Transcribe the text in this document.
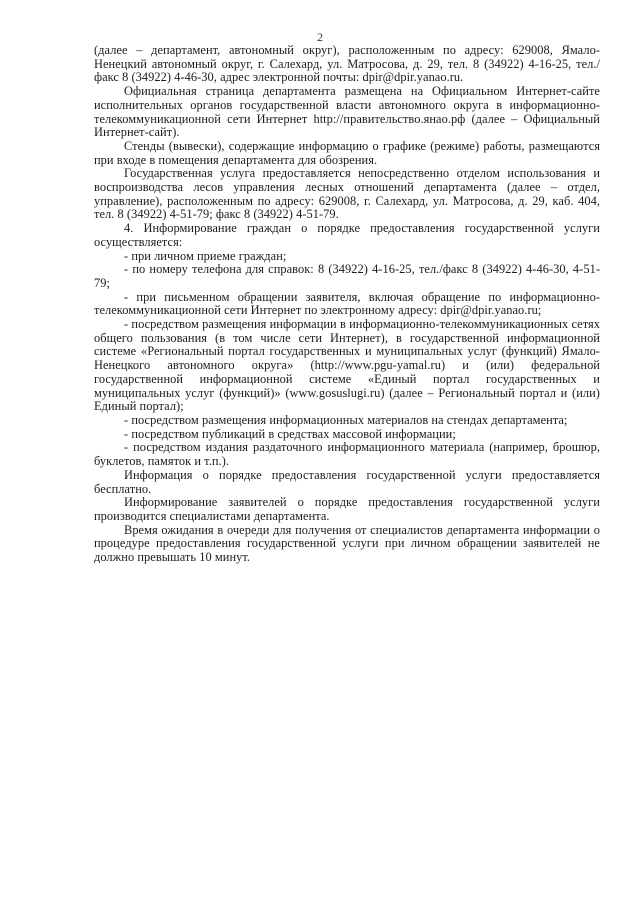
2

(далее – департамент, автономный округ), расположенным по адресу: 629008, Ямало-Ненецкий автономный округ, г. Салехард, ул. Матросова, д. 29, тел. 8 (34922) 4-16-25, тел./факс 8 (34922) 4-46-30, адрес электронной почты: dpir@dpir.yanao.ru.

Официальная страница департамента размещена на Официальном Интернет-сайте исполнительных органов государственной власти автономного округа в информационно-телекоммуникационной сети Интернет http://правительство.янао.рф (далее – Официальный Интернет-сайт).

Стенды (вывески), содержащие информацию о графике (режиме) работы, размещаются при входе в помещения департамента для обозрения.

Государственная услуга предоставляется непосредственно отделом использования и воспроизводства лесов управления лесных отношений департамента (далее – отдел, управление), расположенным по адресу: 629008, г. Салехард, ул. Матросова, д. 29, каб. 404, тел. 8 (34922) 4-51-79; факс 8 (34922) 4-51-79.

4. Информирование граждан о порядке предоставления государственной услуги осуществляется:

- при личном приеме граждан;

- по номеру телефона для справок: 8 (34922) 4-16-25, тел./факс 8 (34922) 4-46-30, 4-51-79;

- при письменном обращении заявителя, включая обращение по информационно-телекоммуникационной сети Интернет по электронному адресу: dpir@dpir.yanao.ru;

- посредством размещения информации в информационно-телекоммуникационных сетях общего пользования (в том числе сети Интернет), в государственной информационной системе «Региональный портал государственных и муниципальных услуг (функций) Ямало-Ненецкого автономного округа» (http://www.pgu-yamal.ru) и (или) федеральной государственной информационной системе «Единый портал государственных и муниципальных услуг (функций)» (www.gosuslugi.ru) (далее – Региональный портал и (или) Единый портал);

- посредством размещения информационных материалов на стендах департамента;

- посредством публикаций в средствах массовой информации;

- посредством издания раздаточного информационного материала (например, брошюр, буклетов, памяток и т.п.).

Информация о порядке предоставления государственной услуги предоставляется бесплатно.

Информирование заявителей о порядке предоставления государственной услуги производится специалистами департамента.

Время ожидания в очереди для получения от специалистов департамента информации о процедуре предоставления государственной услуги при личном обращении заявителей не должно превышать 10 минут.
